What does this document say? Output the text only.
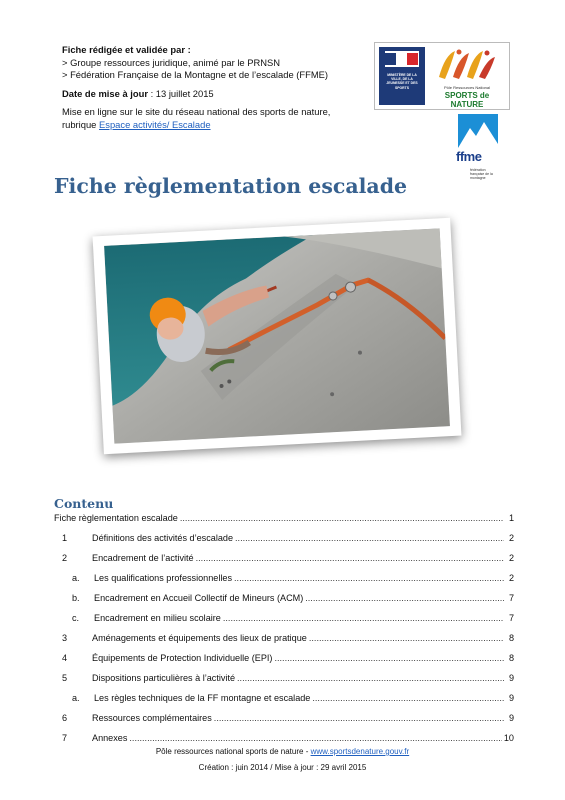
Fiche rédigée et validée par :

> Groupe ressources juridique, animé par le PRNSN

> Fédération Française de la Montagne et de l’escalade (FFME)

Date de mise à jour : 13 juillet 2015

Mise en ligne sur le site du réseau national des sports de nature,

rubrique Espace activités/ Escalade

MINISTÈRE DE LA VILLE, DE LA JEUNESSE ET DES SPORTS	Pôle Ressources National
SPORTS de NATURE
ffme
fédération française de la montagne
Fiche règlementation escalade
Contenu
Fiche règlementation escalade .....	1
1	Définitions des activités d’escalade .....	2
2	Encadrement de l’activité .....	2
a.	Les qualifications professionnelles .....	2
b.	Encadrement en Accueil Collectif de Mineurs (ACM) .....	7
c.	Encadrement en milieu scolaire .....	7
3	Aménagements et équipements des lieux de pratique .....	8
4	Équipements de Protection Individuelle (EPI) .....	8
5	Dispositions particulières à l’activité .....	9
a.	Les règles techniques de la FF montagne et escalade .....	9
6	Ressources complémentaires .....	9
7	Annexes .....	10
Pôle ressources national sports de nature - www.sportsdenature.gouv.fr
Création : juin 2014 / Mise à jour : 29 avril 2015
